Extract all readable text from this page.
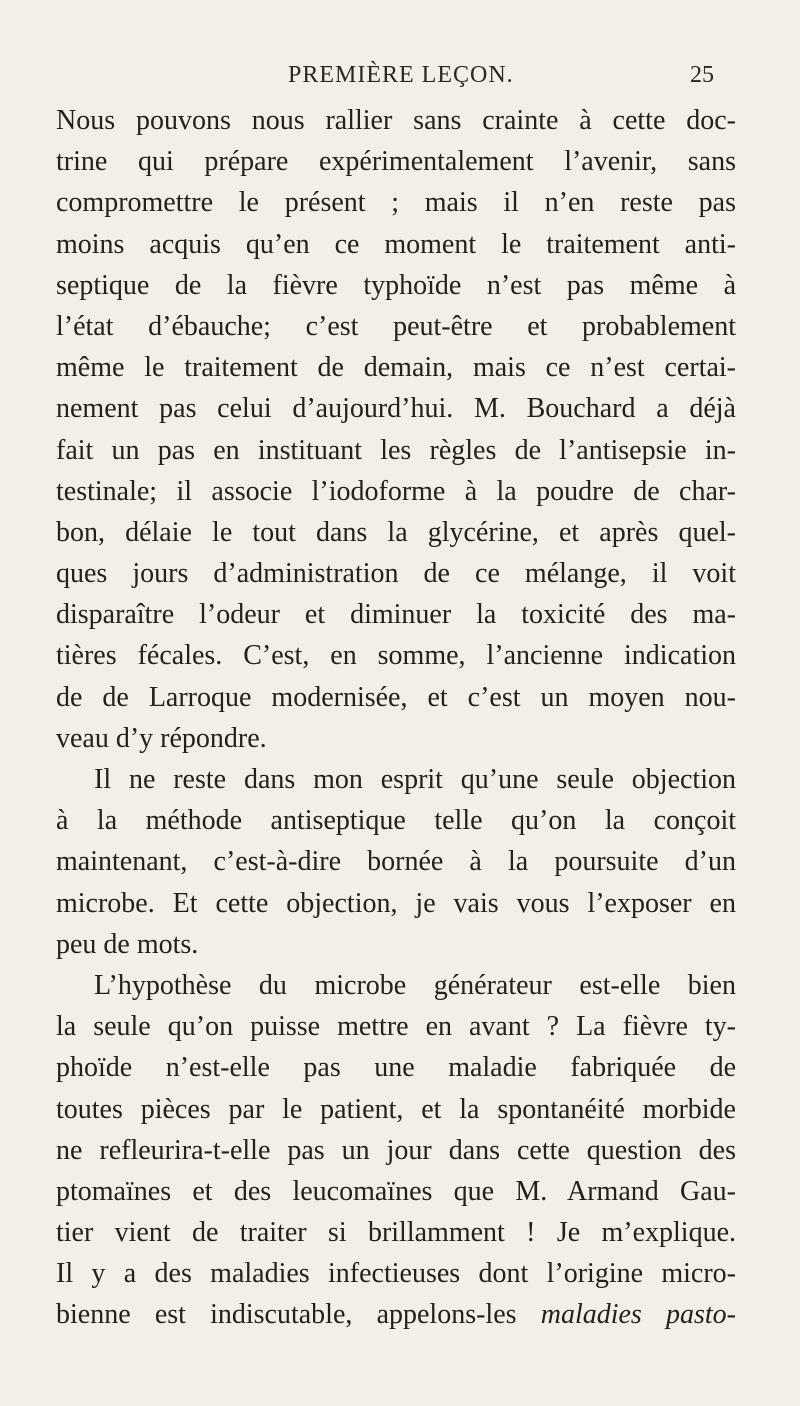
PREMIÈRE LEÇON.	25
Nous pouvons nous rallier sans crainte à cette doc-
trine qui prépare expérimentalement l’avenir, sans
compromettre le présent ; mais il n’en reste pas
moins acquis qu’en ce moment le traitement anti-
septique de la fièvre typhoïde n’est pas même à
l’état d’ébauche; c’est peut-être et probablement
même le traitement de demain, mais ce n’est certai-
nement pas celui d’aujourd’hui. M. Bouchard a déjà
fait un pas en instituant les règles de l’antisepsie in-
testinale; il associe l’iodoforme à la poudre de char-
bon, délaie le tout dans la glycérine, et après quel-
ques jours d’administration de ce mélange, il voit
disparaître l’odeur et diminuer la toxicité des ma-
tières fécales. C’est, en somme, l’ancienne indication
de de Larroque modernisée, et c’est un moyen nou-
veau d’y répondre.
Il ne reste dans mon esprit qu’une seule objection
à la méthode antiseptique telle qu’on la conçoit
maintenant, c’est-à-dire bornée à la poursuite d’un
microbe. Et cette objection, je vais vous l’exposer en
peu de mots.
L’hypothèse du microbe générateur est-elle bien
la seule qu’on puisse mettre en avant ? La fièvre ty-
phoïde n’est-elle pas une maladie fabriquée de
toutes pièces par le patient, et la spontanéité morbide
ne refleurira-t-elle pas un jour dans cette question des
ptomaïnes et des leucomaïnes que M. Armand Gau-
tier vient de traiter si brillamment ! Je m’explique.
Il y a des maladies infectieuses dont l’origine micro-
bienne est indiscutable, appelons-les maladies pasto-
